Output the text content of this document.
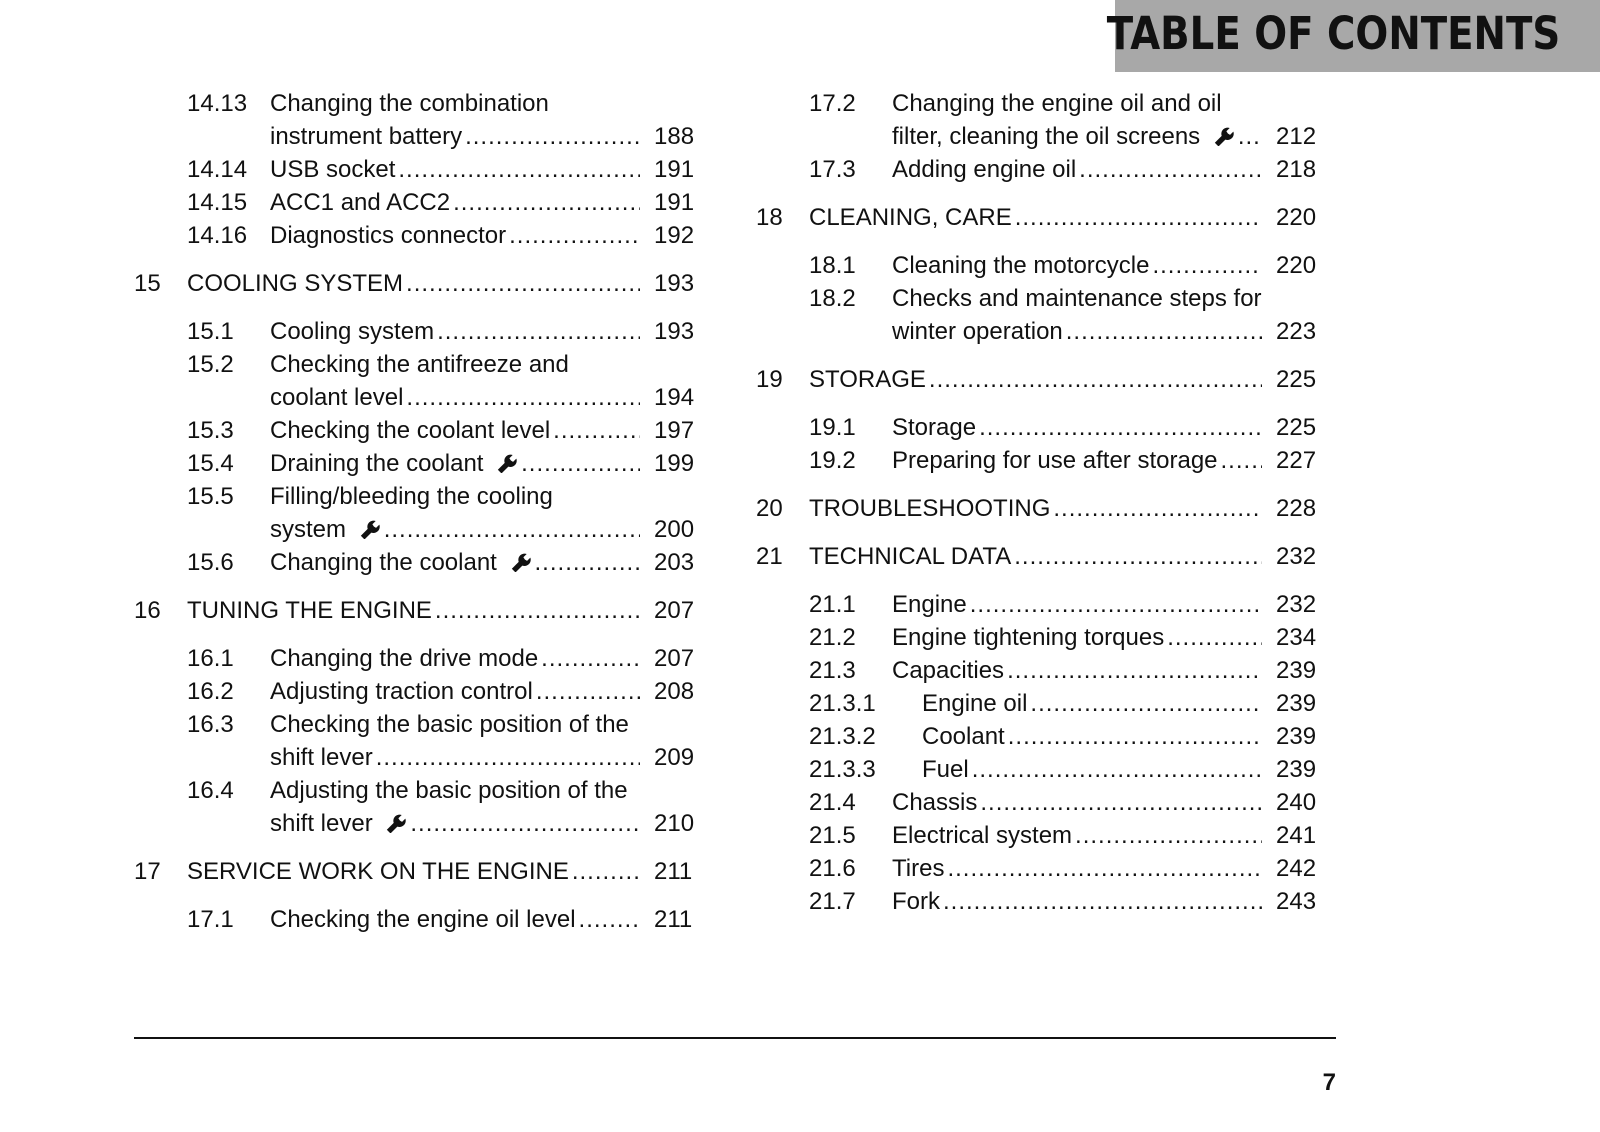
TABLE OF CONTENTS
14.13 Changing the combination
instrument battery .....	188
14.14 USB socket .....	191
14.15 ACC1 and ACC2 .....	191
14.16 Diagnostics connector .....	192
15 COOLING SYSTEM .....	193
15.1 Cooling system .....	193
15.2 Checking the antifreeze and
coolant level .....	194
15.3 Checking the coolant level .....	197
15.4 Draining the coolant .....	199
15.5 Filling/bleeding the cooling
system .....	200
15.6 Changing the coolant .....	203
16 TUNING THE ENGINE .....	207
16.1 Changing the drive mode .....	207
16.2 Adjusting traction control .....	208
16.3 Checking the basic position of the
shift lever .....	209
16.4 Adjusting the basic position of the
shift lever .....	210
17 SERVICE WORK ON THE ENGINE .....	211
17.1 Checking the engine oil level .....	211
17.2 Changing the engine oil and oil
filter, cleaning the oil screens .....	212
17.3 Adding engine oil .....	218
18 CLEANING, CARE .....	220
18.1 Cleaning the motorcycle .....	220
18.2 Checks and maintenance steps for
winter operation .....	223
19 STORAGE .....	225
19.1 Storage .....	225
19.2 Preparing for use after storage .....	227
20 TROUBLESHOOTING .....	228
21 TECHNICAL DATA .....	232
21.1 Engine .....	232
21.2 Engine tightening torques .....	234
21.3 Capacities .....	239
21.3.1 Engine oil .....	239
21.3.2 Coolant .....	239
21.3.3 Fuel .....	239
21.4 Chassis .....	240
21.5 Electrical system .....	241
21.6 Tires .....	242
21.7 Fork .....	243
7
